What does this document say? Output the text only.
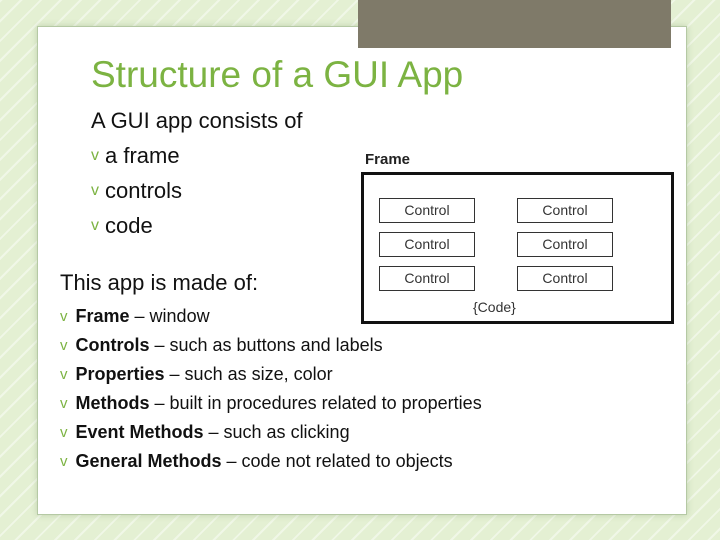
Structure of a GUI App
A GUI app consists of
v a frame
v controls
v code
This app is made of:
v Frame – window
v Controls – such as buttons and labels
v Properties – such as size, color
v Methods – built in procedures related to properties
v Event Methods – such as clicking
v General Methods – code not related to objects
Frame
Control	Control
Control	Control
Control	Control
{Code}
